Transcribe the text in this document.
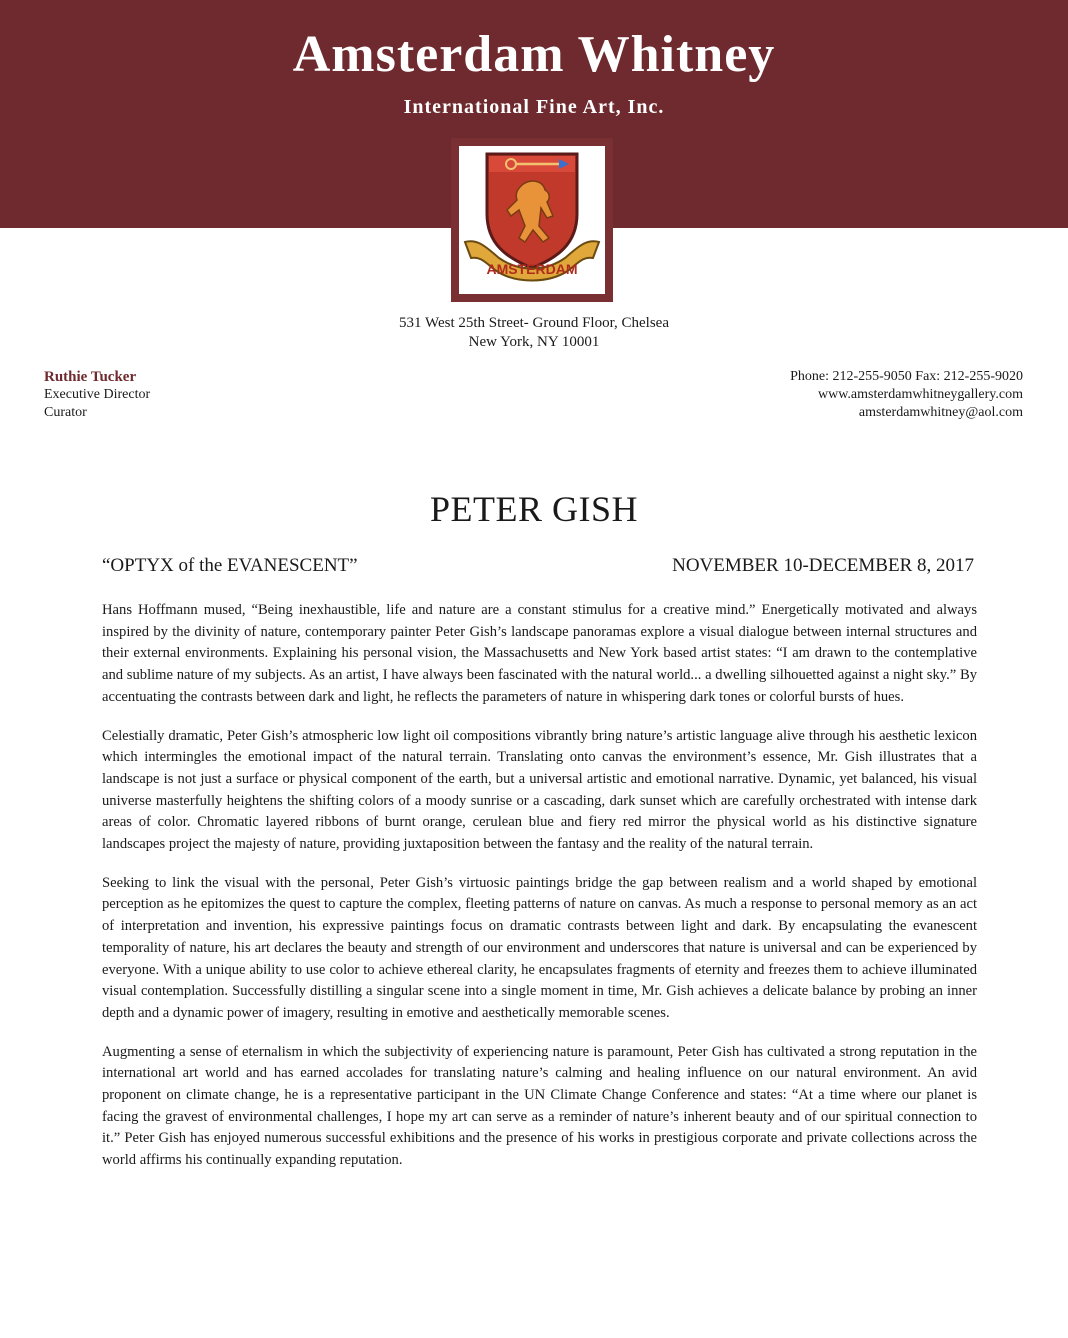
Amsterdam Whitney
International Fine Art, Inc.
AMSTERDAM
531 West 25th Street- Ground Floor, Chelsea
New York, NY 10001
Ruthie Tucker
Executive Director
Curator
Phone: 212-255-9050 Fax: 212-255-9020
www.amsterdamwhitneygallery.com
amsterdamwhitney@aol.com
PETER GISH
“OPTYX of the EVANESCENT”	NOVEMBER 10-DECEMBER 8, 2017

Hans Hoffmann mused, “Being inexhaustible, life and nature are a constant stimulus for a creative mind.” Energetically motivated and always inspired by the divinity of nature, contemporary painter Peter Gish’s landscape panoramas explore a visual dialogue between internal structures and their external environments. Explaining his personal vision, the Massachusetts and New York based artist states: “I am drawn to the contemplative and sublime nature of my subjects. As an artist, I have always been fascinated with the natural world... a dwelling silhouetted against a night sky.” By accentuating the contrasts between dark and light, he reflects the parameters of nature in whispering dark tones or colorful bursts of hues.

Celestially dramatic, Peter Gish’s atmospheric low light oil compositions vibrantly bring nature’s artistic language alive through his aesthetic lexicon which intermingles the emotional impact of the natural terrain. Translating onto canvas the environment’s essence, Mr. Gish illustrates that a landscape is not just a surface or physical component of the earth, but a universal artistic and emotional narrative. Dynamic, yet balanced, his visual universe masterfully heightens the shifting colors of a moody sunrise or a cascading, dark sunset which are carefully orchestrated with intense dark areas of color. Chromatic layered ribbons of burnt orange, cerulean blue and fiery red mirror the physical world as his distinctive signature landscapes project the majesty of nature, providing juxtaposition between the fantasy and the reality of the natural terrain.

Seeking to link the visual with the personal, Peter Gish’s virtuosic paintings bridge the gap between realism and a world shaped by emotional perception as he epitomizes the quest to capture the complex, fleeting patterns of nature on canvas. As much a response to personal memory as an act of interpretation and invention, his expressive paintings focus on dramatic contrasts between light and dark. By encapsulating the evanescent temporality of nature, his art declares the beauty and strength of our environment and underscores that nature is universal and can be experienced by everyone. With a unique ability to use color to achieve ethereal clarity, he encapsulates fragments of eternity and freezes them to achieve illuminated visual contemplation. Successfully distilling a singular scene into a single moment in time, Mr. Gish achieves a delicate balance by probing an inner depth and a dynamic power of imagery, resulting in emotive and aesthetically memorable scenes.

Augmenting a sense of eternalism in which the subjectivity of experiencing nature is paramount, Peter Gish has cultivated a strong reputation in the international art world and has earned accolades for translating nature’s calming and healing influence on our natural environment. An avid proponent on climate change, he is a representative participant in the UN Climate Change Conference and states: “At a time where our planet is facing the gravest of environmental challenges, I hope my art can serve as a reminder of nature’s inherent beauty and of our spiritual connection to it.” Peter Gish has enjoyed numerous successful exhibitions and the presence of his works in prestigious corporate and private collections across the world affirms his continually expanding reputation.
